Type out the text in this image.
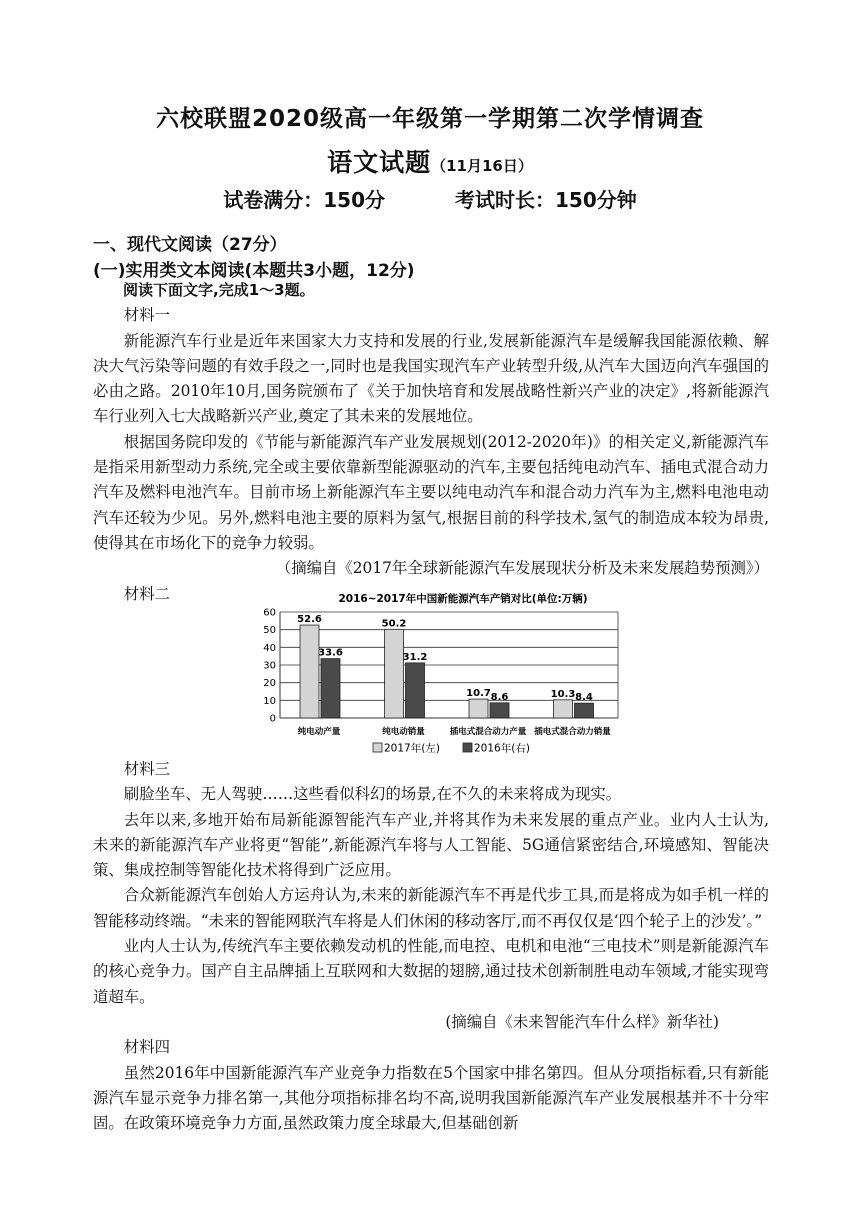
六校联盟2020级高一年级第一学期第二次学情调查
语文试题（11月16日）
试卷满分：150分	考试时长：150分钟
一、现代文阅读（27分）
(一)实用类文本阅读(本题共3小题，12分)

阅读下面文字,完成1～3题。

材料一

新能源汽车行业是近年来国家大力支持和发展的行业,发展新能源汽车是缓解我国能源依赖、解决大气污染等问题的有效手段之一,同时也是我国实现汽车产业转型升级,从汽车大国迈向汽车强国的必由之路。2010年10月,国务院颁布了《关于加快培育和发展战略性新兴产业的决定》,将新能源汽车行业列入七大战略新兴产业,奠定了其未来的发展地位。

根据国务院印发的《节能与新能源汽车产业发展规划(2012-2020年)》的相关定义,新能源汽车是指采用新型动力系统,完全或主要依靠新型能源驱动的汽车,主要包括纯电动汽车、插电式混合动力汽车及燃料电池汽车。目前市场上新能源汽车主要以纯电动汽车和混合动力汽车为主,燃料电池电动汽车还较为少见。另外,燃料电池主要的原料为氢气,根据目前的科学技术,氢气的制造成本较为昂贵,使得其在市场化下的竞争力较弱。

（摘编自《2017年全球新能源汽车发展现状分析及未来发展趋势预测》）

材料二	2016~2017年中国新能源汽车产销对比(单位:万辆)
0
10
20
30
40
50
60
52.6
33.6
纯电动产量
50.2
31.2
纯电动销量
10.7 8.6
插电式混合动力产量
10.3 8.4
插电式混合动力销量
2017年(左)	2016年(右)

材料三

刷脸坐车、无人驾驶……这些看似科幻的场景,在不久的未来将成为现实。

去年以来,多地开始布局新能源智能汽车产业,并将其作为未来发展的重点产业。业内人士认为,未来的新能源汽车产业将更“智能”,新能源汽车将与人工智能、5G通信紧密结合,环境感知、智能决策、集成控制等智能化技术将得到广泛应用。

合众新能源汽车创始人方运舟认为,未来的新能源汽车不再是代步工具,而是将成为如手机一样的智能移动终端。“未来的智能网联汽车将是人们休闲的移动客厅,而不再仅仅是‘四个轮子上的沙发’。”

业内人士认为,传统汽车主要依赖发动机的性能,而电控、电机和电池“三电技术”则是新能源汽车的核心竞争力。国产自主品牌插上互联网和大数据的翅膀,通过技术创新制胜电动车领域,才能实现弯道超车。

(摘编自《未来智能汽车什么样》新华社)

材料四

虽然2016年中国新能源汽车产业竞争力指数在5个国家中排名第四。但从分项指标看,只有新能源汽车显示竞争力排名第一,其他分项指标排名均不高,说明我国新能源汽车产业发展根基并不十分牢固。在政策环境竞争力方面,虽然政策力度全球最大,但基础创新
